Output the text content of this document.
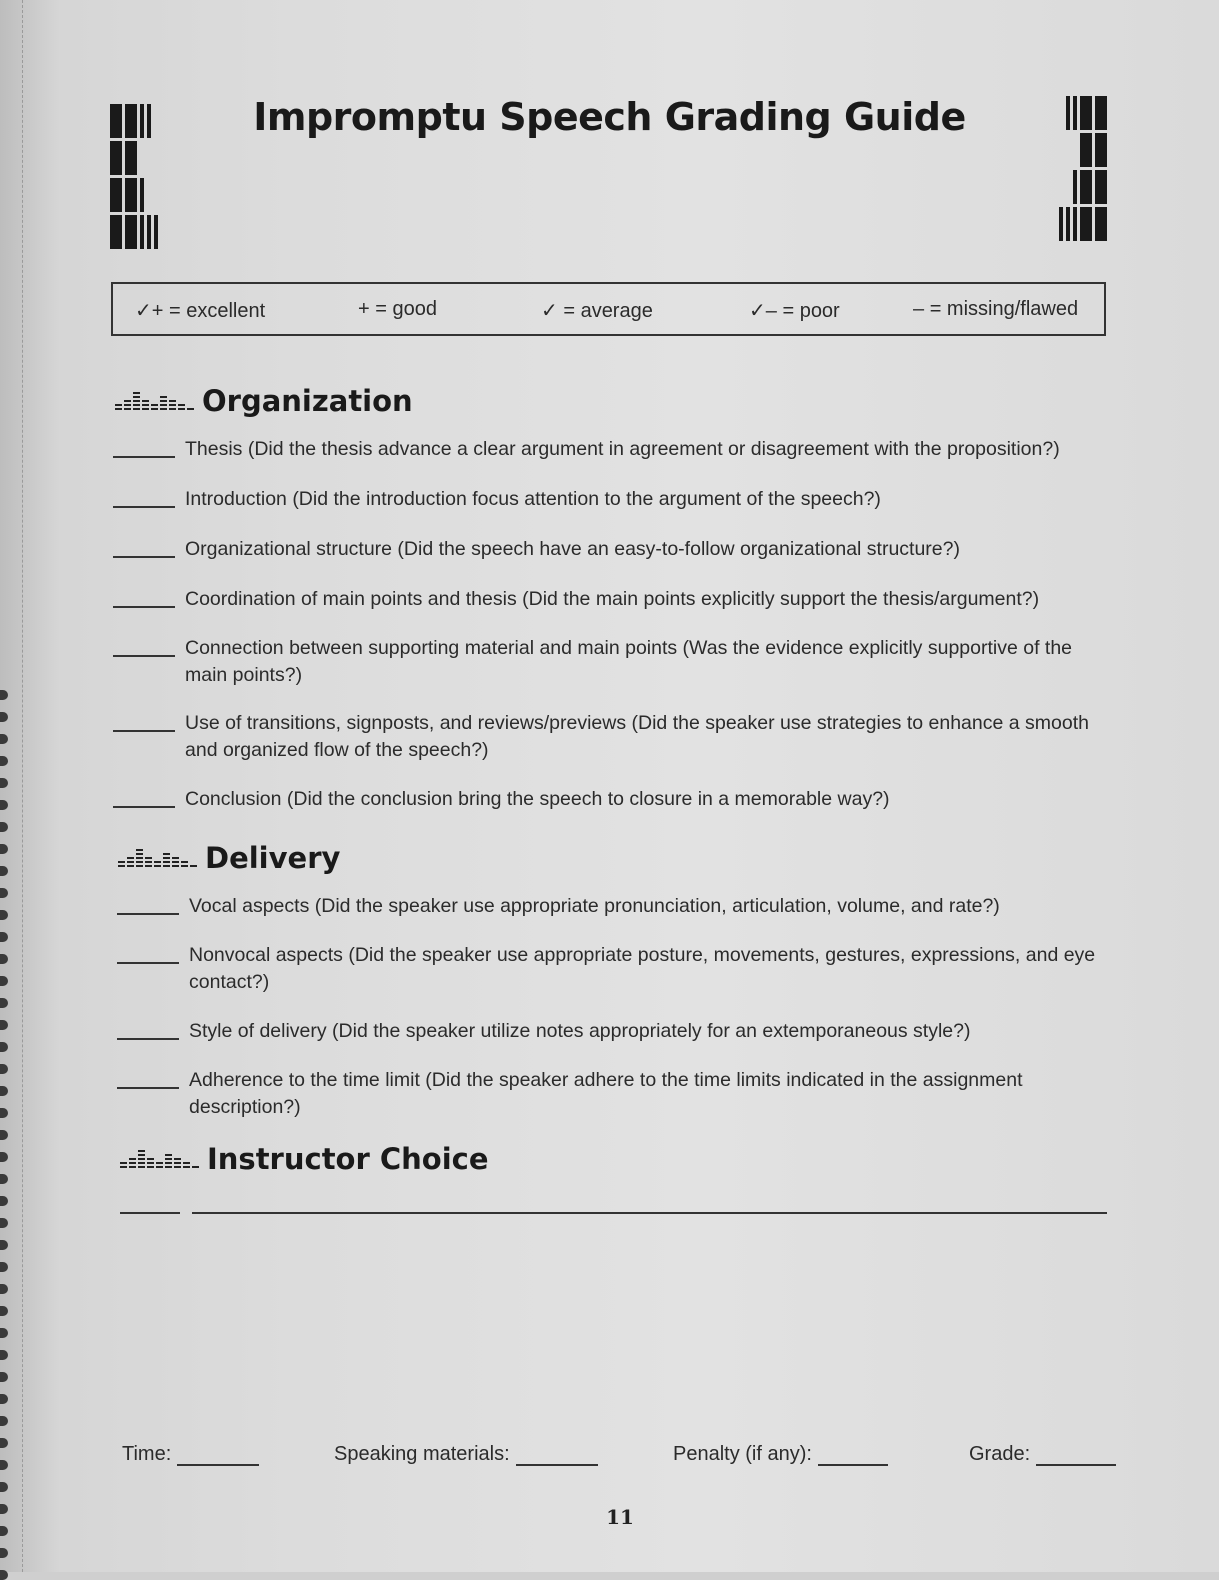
Impromptu Speech Grading Guide
✓+ = excellent	+ = good	✓ = average	✓– = poor	– = missing/flawed
Organization
Thesis (Did the thesis advance a clear argument in agreement or disagreement with the proposition?)
Introduction (Did the introduction focus attention to the argument of the speech?)
Organizational structure (Did the speech have an easy-to-follow organizational structure?)
Coordination of main points and thesis (Did the main points explicitly support the thesis/argument?)
Connection between supporting material and main points (Was the evidence explicitly supportive of the main points?)
Use of transitions, signposts, and reviews/previews (Did the speaker use strategies to enhance a smooth and organized flow of the speech?)
Conclusion (Did the conclusion bring the speech to closure in a memorable way?)
Delivery
Vocal aspects (Did the speaker use appropriate pronunciation, articulation, volume, and rate?)
Nonvocal aspects (Did the speaker use appropriate posture, movements, gestures, expressions, and eye contact?)
Style of delivery (Did the speaker utilize notes appropriately for an extemporaneous style?)
Adherence to the time limit (Did the speaker adhere to the time limits indicated in the assignment description?)
Instructor Choice
Time:	Speaking materials:	Penalty (if any):	Grade:
11
